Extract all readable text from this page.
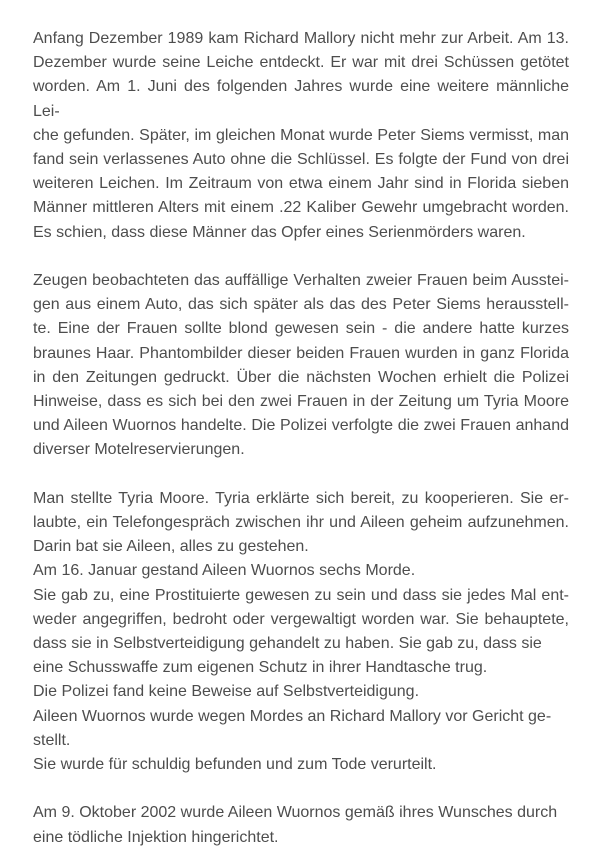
Anfang Dezember 1989 kam Richard Mallory nicht mehr zur Arbeit. Am 13.
Dezember wurde seine Leiche entdeckt. Er war mit drei Schüssen getötet
worden. Am 1. Juni des folgenden Jahres wurde eine weitere männliche Lei-
che gefunden. Später, im gleichen Monat wurde Peter Siems vermisst, man
fand sein verlassenes Auto ohne die Schlüssel. Es folgte der Fund von drei
weiteren Leichen. Im Zeitraum von etwa einem Jahr sind in Florida sieben
Männer mittleren Alters mit einem .22 Kaliber Gewehr umgebracht worden.
Es schien, dass diese Männer das Opfer eines Serienmörders waren.
Zeugen beobachteten das auffällige Verhalten zweier Frauen beim Ausstei-
gen aus einem Auto, das sich später als das des Peter Siems herausstell-
te. Eine der Frauen sollte blond gewesen sein - die andere hatte kurzes
braunes Haar. Phantombilder dieser beiden Frauen wurden in ganz Florida
in den Zeitungen gedruckt. Über die nächsten Wochen erhielt die Polizei
Hinweise, dass es sich bei den zwei Frauen in der Zeitung um Tyria Moore
und Aileen Wuornos handelte. Die Polizei verfolgte die zwei Frauen anhand
diverser Motelreservierungen.
Man stellte Tyria Moore. Tyria erklärte sich bereit, zu kooperieren. Sie er-
laubte, ein Telefongespräch zwischen ihr und Aileen geheim aufzunehmen.
Darin bat sie Aileen, alles zu gestehen.
Am 16. Januar gestand Aileen Wuornos sechs Morde.
Sie gab zu, eine Prostituierte gewesen zu sein und dass sie jedes Mal ent-
weder angegriffen, bedroht oder vergewaltigt worden war. Sie behauptete,
dass sie in Selbstverteidigung gehandelt zu haben. Sie gab zu, dass sie
eine Schusswaffe zum eigenen Schutz in ihrer Handtasche trug.
Die Polizei fand keine Beweise auf Selbstverteidigung.
Aileen Wuornos wurde wegen Mordes an Richard Mallory vor Gericht ge-
stellt.
Sie wurde für schuldig befunden und zum Tode verurteilt.
Am 9. Oktober 2002 wurde Aileen Wuornos gemäß ihres Wunsches durch
eine tödliche Injektion hingerichtet.
